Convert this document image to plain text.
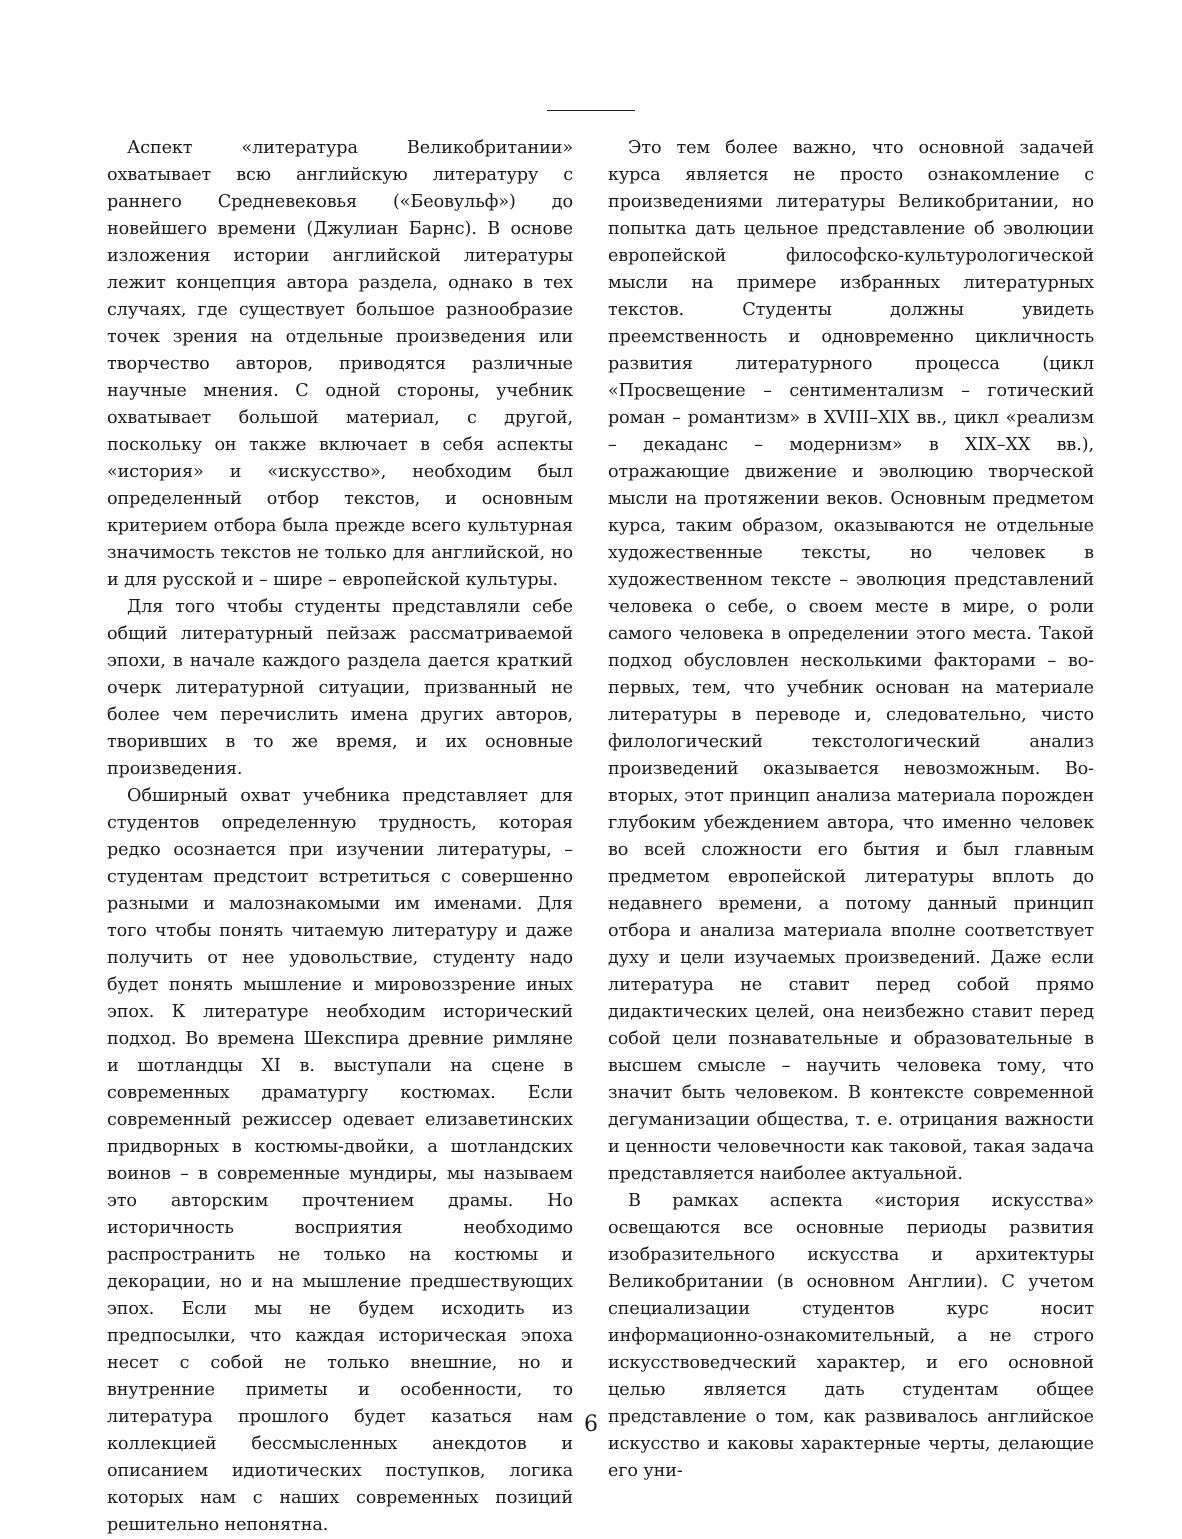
Аспект «литература Великобритании» охватывает всю английскую литературу с раннего Средневековья («Беовульф») до новейшего времени (Джулиан Барнс). В основе изложения истории английской литературы лежит концепция автора раздела, однако в тех случаях, где существует большое разнообразие точек зрения на отдельные произведения или творчество авторов, приводятся различные научные мнения. С одной стороны, учебник охватывает большой материал, с другой, поскольку он также включает в себя аспекты «история» и «искусство», необходим был определенный отбор текстов, и основным критерием отбора была прежде всего культурная значимость текстов не только для английской, но и для русской и – шире – европейской культуры.

Для того чтобы студенты представляли себе общий литературный пейзаж рассматриваемой эпохи, в начале каждого раздела дается краткий очерк литературной ситуации, призванный не более чем перечислить имена других авторов, творивших в то же время, и их основные произведения.

Обширный охват учебника представляет для студентов определенную трудность, которая редко осознается при изучении литературы, – студентам предстоит встретиться с совершенно разными и малознакомыми им именами. Для того чтобы понять читаемую литературу и даже получить от нее удовольствие, студенту надо будет понять мышление и мировоззрение иных эпох. К литературе необходим исторический подход. Во времена Шекспира древние римляне и шотландцы XI в. выступали на сцене в современных драматургу костюмах. Если современный режиссер одевает елизаветинских придворных в костюмы-двойки, а шотландских воинов – в современные мундиры, мы называем это авторским прочтением драмы. Но историчность восприятия необходимо распространить не только на костюмы и декорации, но и на мышление предшествующих эпох. Если мы не будем исходить из предпосылки, что каждая историческая эпоха несет с собой не только внешние, но и внутренние приметы и особенности, то литература прошлого будет казаться нам коллекцией бессмысленных анекдотов и описанием идиотических поступков, логика которых нам с наших современных позиций решительно непонятна.

Это тем более важно, что основной задачей курса является не просто ознакомление с произведениями литературы Великобритании, но попытка дать цельное представление об эволюции европейской философско-культурологической мысли на примере избранных литературных текстов. Студенты должны увидеть преемственность и одновременно цикличность развития литературного процесса (цикл «Просвещение – сентиментализм – готический роман – романтизм» в XVIII–XIX вв., цикл «реализм – декаданс – модернизм» в XIX–XX вв.), отражающие движение и эволюцию творческой мысли на протяжении веков. Основным предметом курса, таким образом, оказываются не отдельные художественные тексты, но человек в художественном тексте – эволюция представлений человека о себе, о своем месте в мире, о роли самого человека в определении этого места. Такой подход обусловлен несколькими факторами – во-первых, тем, что учебник основан на материале литературы в переводе и, следовательно, чисто филологический текстологический анализ произведений оказывается невозможным. Во-вторых, этот принцип анализа материала порожден глубоким убеждением автора, что именно человек во всей сложности его бытия и был главным предметом европейской литературы вплоть до недавнего времени, а потому данный принцип отбора и анализа материала вполне соответствует духу и цели изучаемых произведений. Даже если литература не ставит перед собой прямо дидактических целей, она неизбежно ставит перед собой цели познавательные и образовательные в высшем смысле – научить человека тому, что значит быть человеком. В контексте современной дегуманизации общества, т. е. отрицания важности и ценности человечности как таковой, такая задача представляется наиболее актуальной.

В рамках аспекта «история искусства» освещаются все основные периоды развития изобразительного искусства и архитектуры Великобритании (в основном Англии). С учетом специализации студентов курс носит информационно-ознакомительный, а не строго искусствоведческий характер, и его основной целью является дать студентам общее представление о том, как развивалось английское искусство и каковы характерные черты, делающие его уни-

6
